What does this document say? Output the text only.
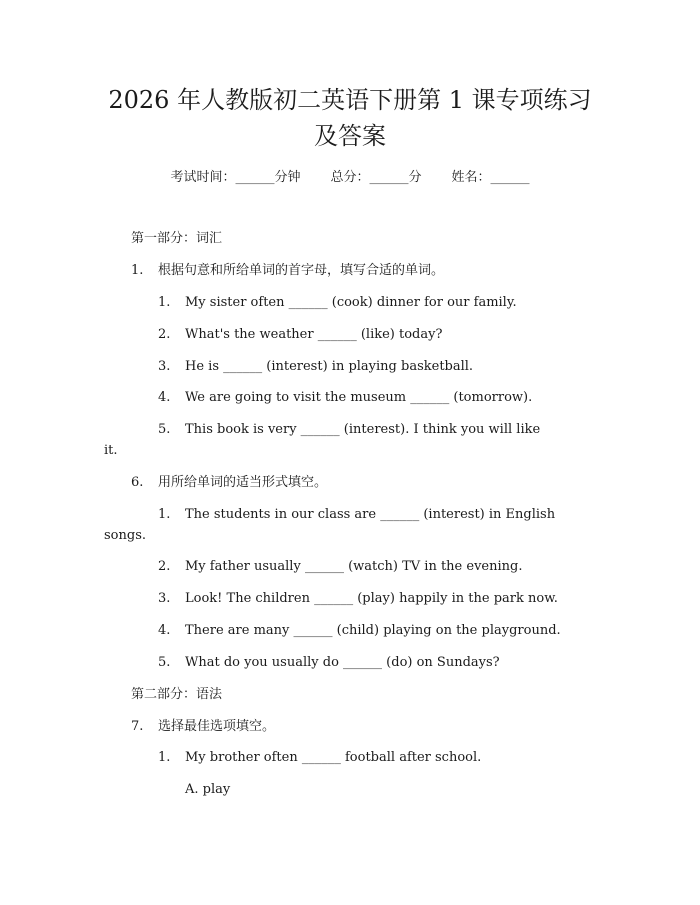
2026 年人教版初二英语下册第 1 课专项练习
及答案
考试时间：______分钟 总分：______分 姓名：______
第一部分：词汇
1. 根据句意和所给单词的首字母，填写合适的单词。
1. My sister often ______ (cook) dinner for our family.
2. What's the weather ______ (like) today?
3. He is ______ (interest) in playing basketball.
4. We are going to visit the museum ______ (tomorrow).
5. This book is very ______ (interest). I think you will like
it.
6. 用所给单词的适当形式填空。
1. The students in our class are ______ (interest) in English
songs.
2. My father usually ______ (watch) TV in the evening.
3. Look! The children ______ (play) happily in the park now.
4. There are many ______ (child) playing on the playground.
5. What do you usually do ______ (do) on Sundays?
第二部分：语法
7. 选择最佳选项填空。
1. My brother often ______ football after school.
A. play
